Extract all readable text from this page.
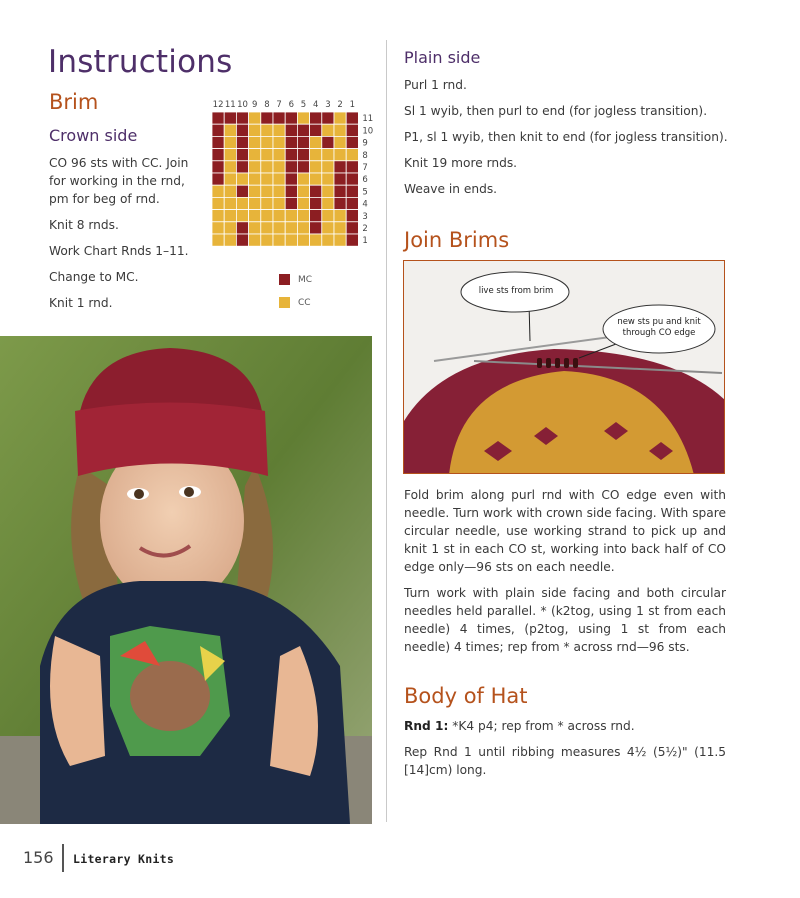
Instructions
Brim
Crown side

CO 96 sts with CC. Join
for working in the rnd,
pm for beg of rnd.

Knit 8 rnds.

Work Chart Rnds 1–11.

Change to MC.

Knit 1 rnd.

12 11 10 9 8 7 6 5 4 3 2 1
11
10
9
8
7
6
5
4
3
2
1
MC
CC
Plain side

Purl 1 rnd.

Sl 1 wyib, then purl to end (for jogless transition).

P1, sl 1 wyib, then knit to end (for jogless transition).

Knit 19 more rnds.

Weave in ends.

Join Brims
live sts from brim
new sts pu and knit
through CO edge

Fold brim along purl rnd with CO edge even with needle. Turn work with crown side facing. With spare circular needle, use working strand to pick up and knit 1 st in each CO st, working into back half of CO edge only—96 sts on each needle.

Turn work with plain side facing and both circular needles held parallel. * (k2tog, using 1 st from each needle) 4 times, (p2tog, using 1 st from each needle) 4 times; rep from * across rnd—96 sts.

Body of Hat

Rnd 1: *K4 p4; rep from * across rnd.

Rep Rnd 1 until ribbing measures 4½ (5½)" (11.5 [14]cm) long.

156 Literary Knits
